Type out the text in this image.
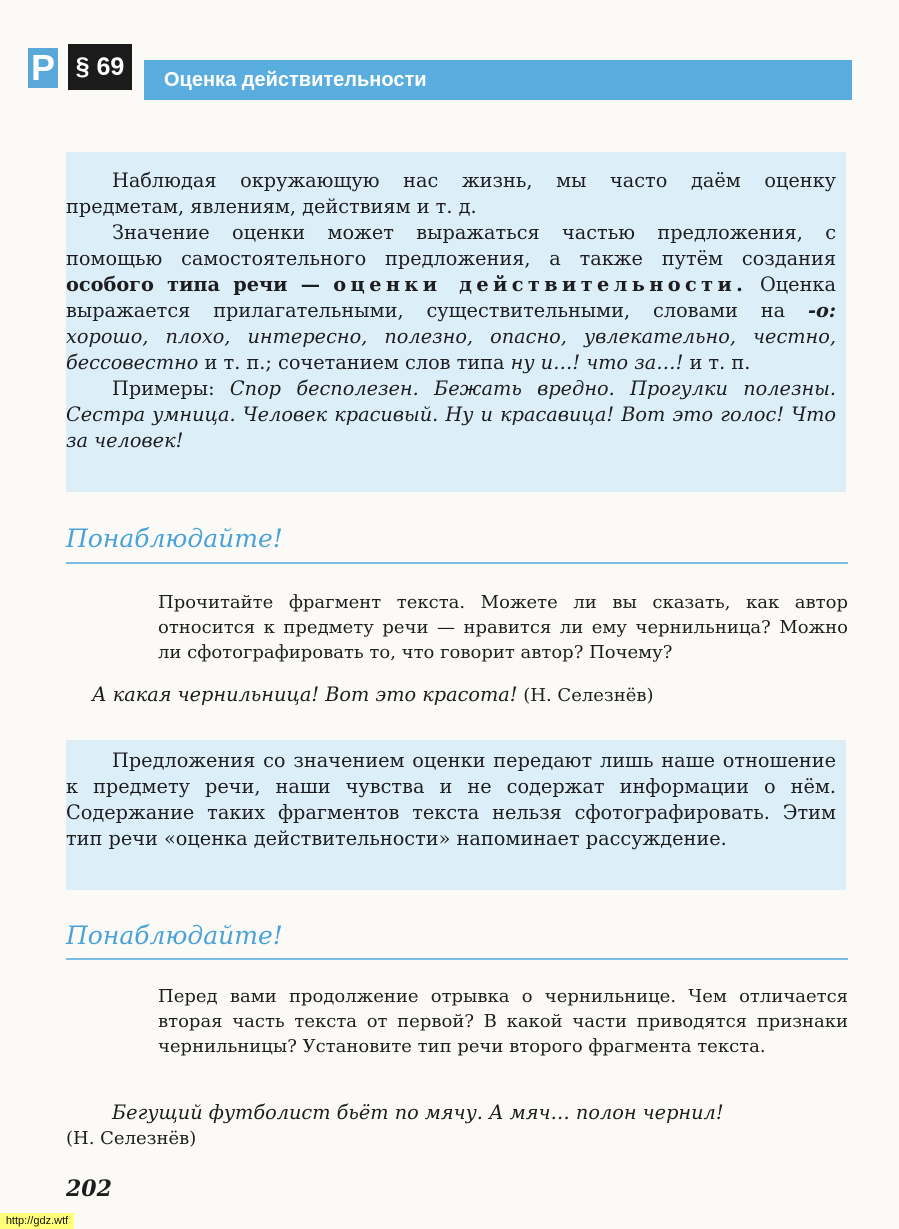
Р § 69	Оценка действительности

Наблюдая окружающую нас жизнь, мы часто даём оценку предметам, явлениям, действиям и т. д.

Значение оценки может выражаться частью предложения, с помощью самостоятельного предложения, а также путём создания особого типа речи — оценки действительности. Оценка выражается прилагательными, существительными, словами на -о: хорошо, плохо, интересно, полезно, опасно, увлекательно, честно, бессовестно и т. п.; сочетанием слов типа ну и…! что за…! и т. п.

Примеры: Спор бесполезен. Бежать вредно. Прогулки полезны. Сестра умница. Человек красивый. Ну и красавица! Вот это голос! Что за человек!

Понаблюдайте!
Прочитайте фрагмент текста. Можете ли вы сказать, как автор относится к предмету речи — нравится ли ему чернильница? Можно ли сфотографировать то, что говорит автор? Почему?
А какая чернильница! Вот это красота! (Н. Селезнёв)

Предложения со значением оценки передают лишь наше отношение к предмету речи, наши чувства и не содержат информации о нём. Содержание таких фрагментов текста нельзя сфотографировать. Этим тип речи «оценка действительности» напоминает рассуждение.

Понаблюдайте!
Перед вами продолжение отрывка о чернильнице. Чем отличается вторая часть текста от первой? В какой части приводятся признаки чернильницы? Установите тип речи второго фрагмента текста.

Бегущий футболист бьёт по мячу. А мяч… полон чернил!

(Н. Селезнёв)
202
http://gdz.wtf
